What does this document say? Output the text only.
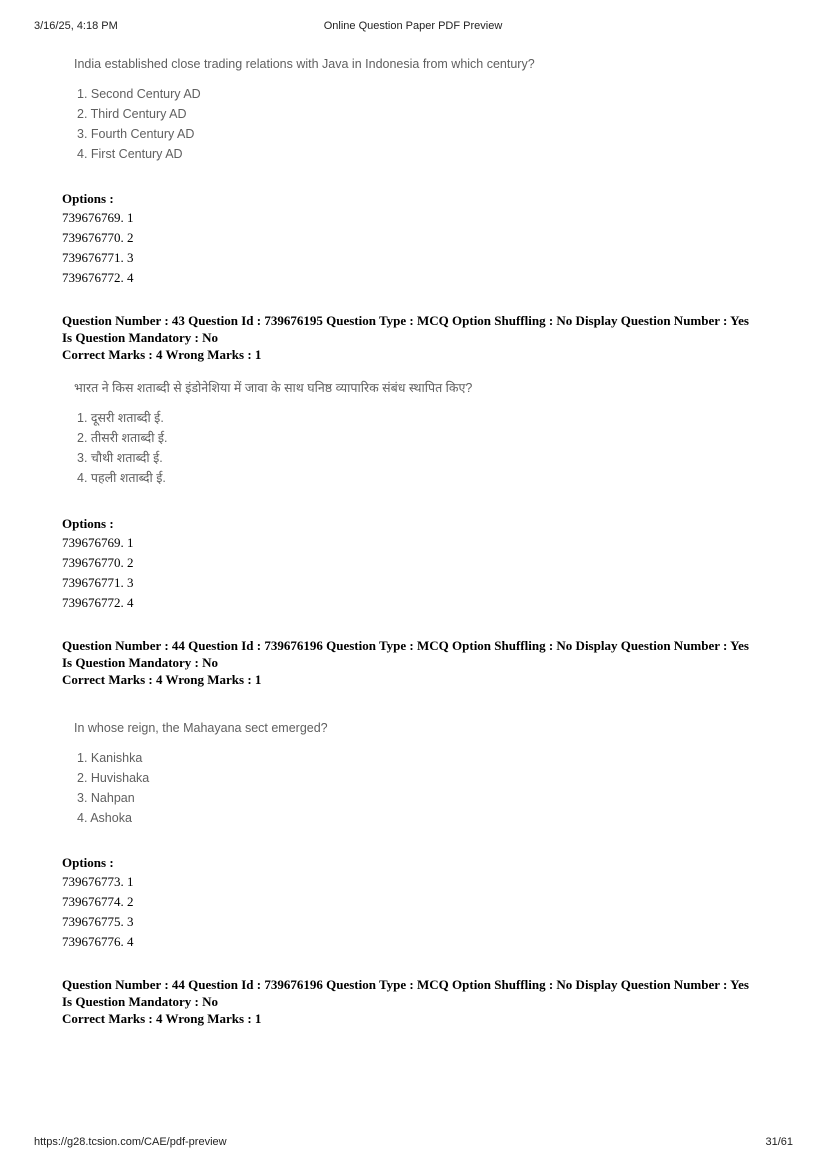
3/16/25, 4:18 PM	Online Question Paper PDF Preview
India established close trading relations with Java in Indonesia from which century?
1. Second Century AD
2. Third Century AD
3. Fourth Century AD
4. First Century AD
Options :
739676769. 1
739676770. 2
739676771. 3
739676772. 4
Question Number : 43 Question Id : 739676195 Question Type : MCQ Option Shuffling : No Display Question Number : Yes
Is Question Mandatory : No
Correct Marks : 4 Wrong Marks : 1
भारत ने किस शताब्दी से इंडोनेशिया में जावा के साथ घनिष्ठ व्यापारिक संबंध स्थापित किए?
1. दूसरी शताब्दी ई.
2. तीसरी शताब्दी ई.
3. चौथी शताब्दी ई.
4. पहली शताब्दी ई.
Options :
739676769. 1
739676770. 2
739676771. 3
739676772. 4
Question Number : 44 Question Id : 739676196 Question Type : MCQ Option Shuffling : No Display Question Number : Yes
Is Question Mandatory : No
Correct Marks : 4 Wrong Marks : 1
In whose reign, the Mahayana sect emerged?
1. Kanishka
2. Huvishaka
3. Nahpan
4. Ashoka
Options :
739676773. 1
739676774. 2
739676775. 3
739676776. 4
Question Number : 44 Question Id : 739676196 Question Type : MCQ Option Shuffling : No Display Question Number : Yes
Is Question Mandatory : No
Correct Marks : 4 Wrong Marks : 1
https://g28.tcsion.com/CAE/pdf-preview	31/61
